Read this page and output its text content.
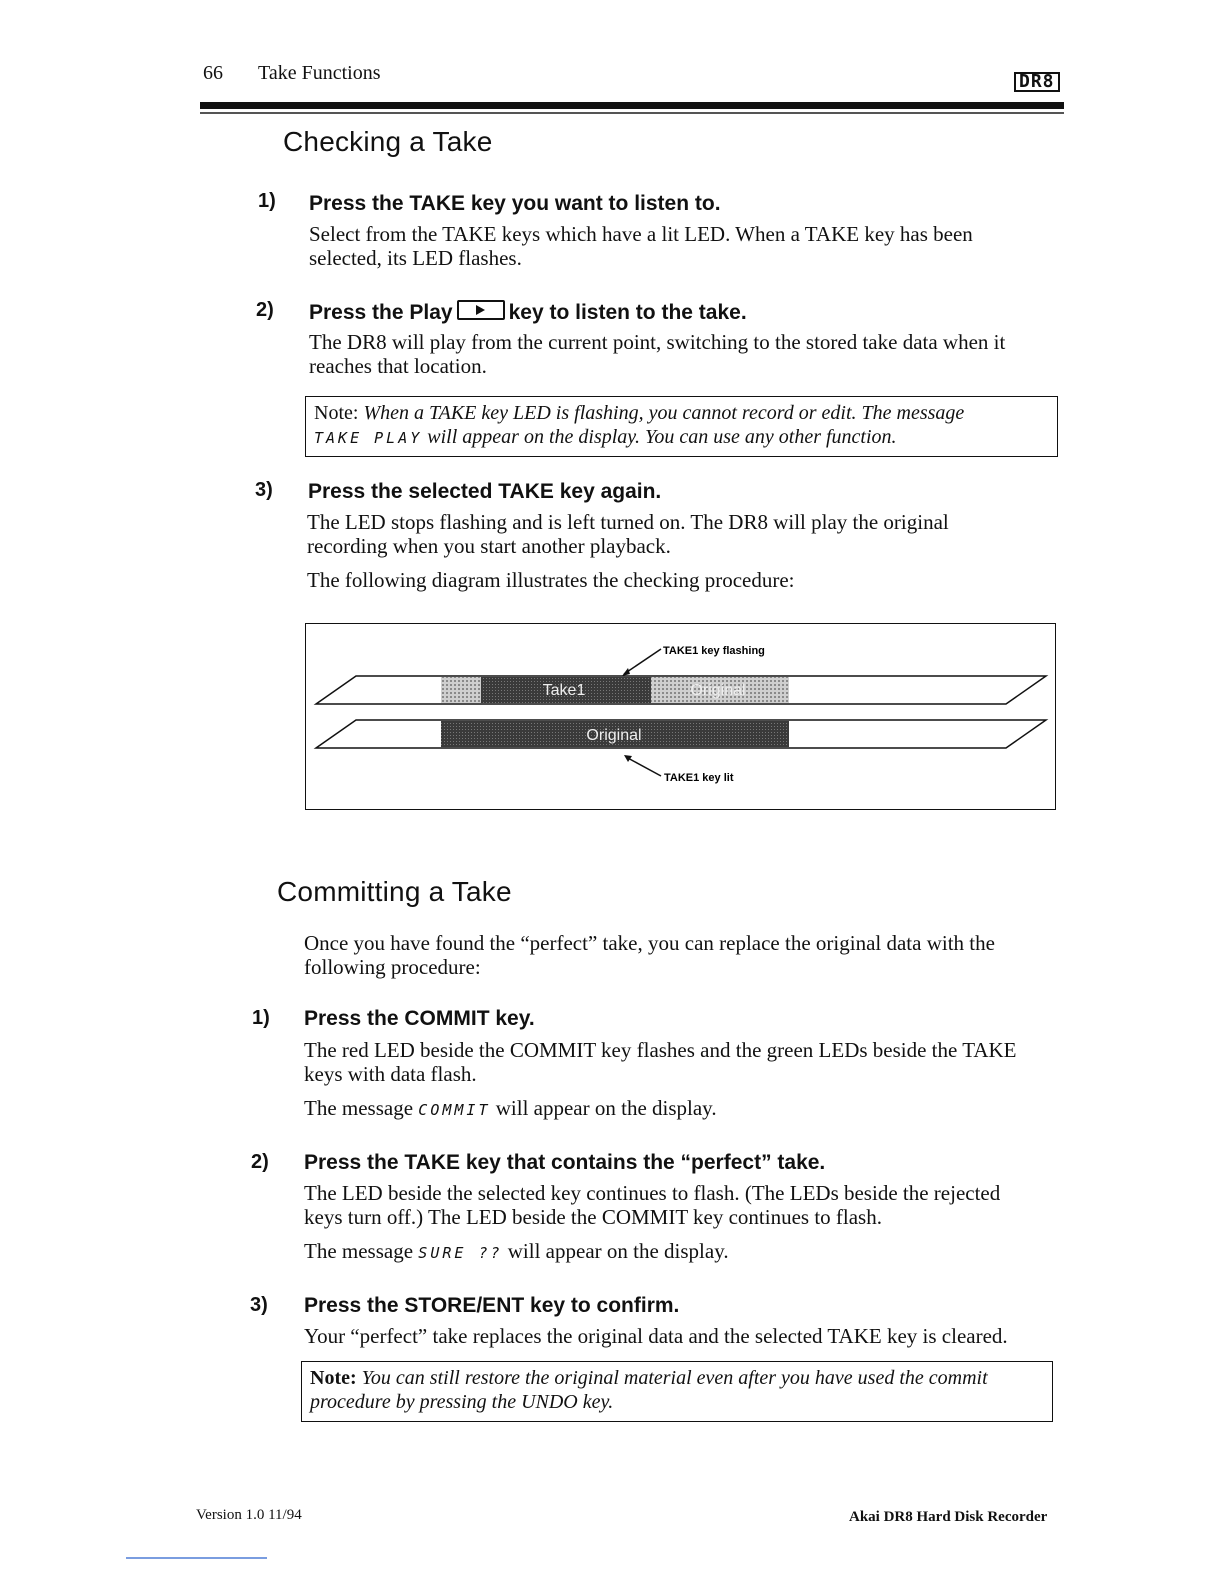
66 Take Functions	DR8
Checking a Take
1) Press the TAKE key you want to listen to.
Select from the TAKE keys which have a lit LED. When a TAKE key has been
selected, its LED flashes.
2) Press the Play	key to listen to the take.
The DR8 will play from the current point, switching to the stored take data when it
reaches that location.
Note: When a TAKE key LED is flashing, you cannot record or edit. The message
TAKE PLAY will appear on the display. You can use any other function.
3) Press the selected TAKE key again.
The LED stops flashing and is left turned on. The DR8 will play the original
recording when you start another playback.
The following diagram illustrates the checking procedure:
Take1	Original
Original
TAKE1 key flashing
TAKE1 key lit
Committing a Take
Once you have found the “perfect” take, you can replace the original data with the
following procedure:
1) Press the COMMIT key.
The red LED beside the COMMIT key flashes and the green LEDs beside the TAKE
keys with data flash.
The message COMMIT will appear on the display.
2) Press the TAKE key that contains the “perfect” take.
The LED beside the selected key continues to flash. (The LEDs beside the rejected
keys turn off.) The LED beside the COMMIT key continues to flash.
The message SURE ?? will appear on the display.
3) Press the STORE/ENT key to confirm.
Your “perfect” take replaces the original data and the selected TAKE key is cleared.
Note: You can still restore the original material even after you have used the commit
procedure by pressing the UNDO key.
Version 1.0 11/94	Akai DR8 Hard Disk Recorder
